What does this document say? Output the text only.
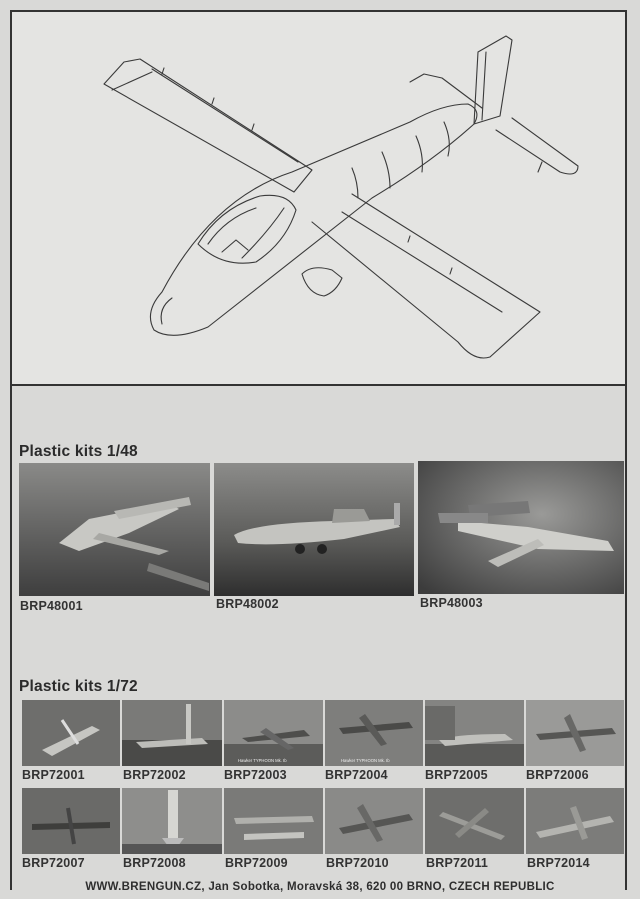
Plastic kits 1/48
BRP48001	BRP48002	BRP48003
Plastic kits 1/72
BRP72001	BRP72002
Hawker TYPHOON Mk. Ib
BRP72003
Hawker TYPHOON Mk. Ib
BRP72004	BRP72005	BRP72006
BRP72007	BRP72008	BRP72009	BRP72010	BRP72011	BRP72014
WWW.BRENGUN.CZ, Jan Sobotka, Moravská 38, 620 00 BRNO, CZECH REPUBLIC
